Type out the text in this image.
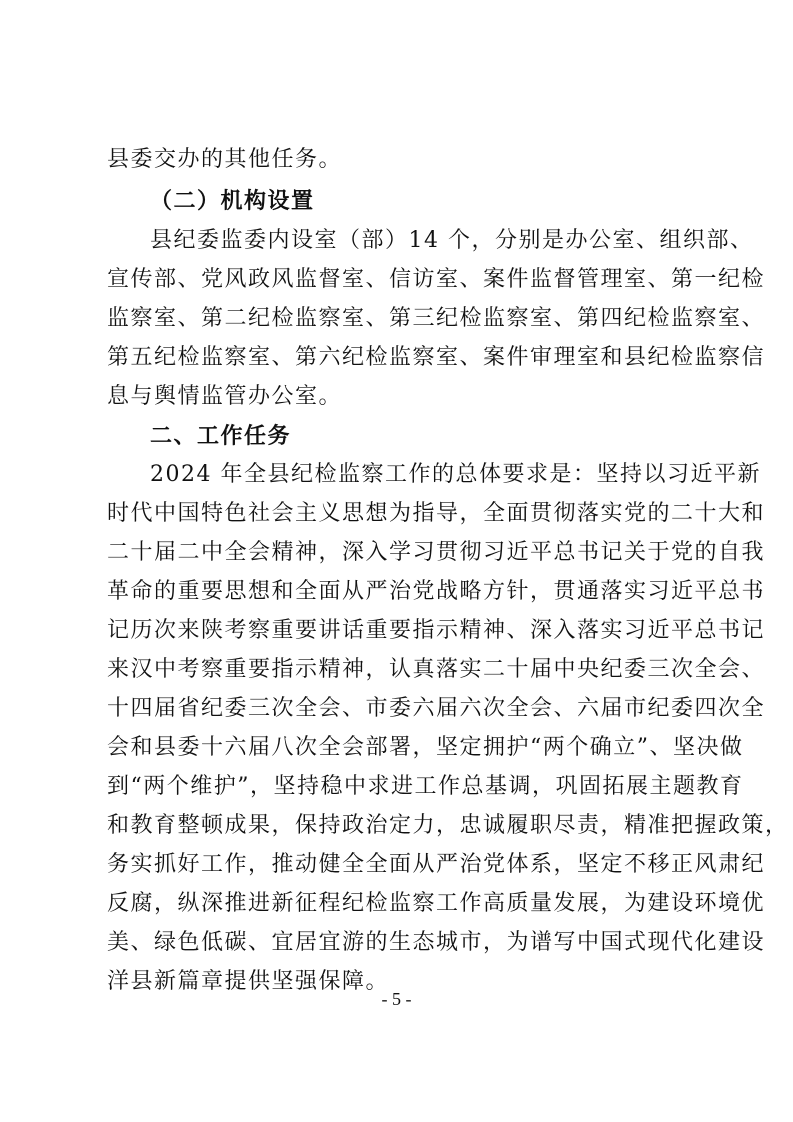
县委交办的其他任务。
（二）机构设置
县纪委监委内设室（部）14 个，分别是办公室、组织部、
宣传部、党风政风监督室、信访室、案件监督管理室、第一纪检
监察室、第二纪检监察室、第三纪检监察室、第四纪检监察室、
第五纪检监察室、第六纪检监察室、案件审理室和县纪检监察信
息与舆情监管办公室。
二、工作任务
2024 年全县纪检监察工作的总体要求是：坚持以习近平新
时代中国特色社会主义思想为指导，全面贯彻落实党的二十大和
二十届二中全会精神，深入学习贯彻习近平总书记关于党的自我
革命的重要思想和全面从严治党战略方针，贯通落实习近平总书
记历次来陕考察重要讲话重要指示精神、深入落实习近平总书记
来汉中考察重要指示精神，认真落实二十届中央纪委三次全会、
十四届省纪委三次全会、市委六届六次全会、六届市纪委四次全
会和县委十六届八次全会部署，坚定拥护“两个确立”、坚决做
到“两个维护”，坚持稳中求进工作总基调，巩固拓展主题教育
和教育整顿成果，保持政治定力，忠诚履职尽责，精准把握政策，
务实抓好工作，推动健全全面从严治党体系，坚定不移正风肃纪
反腐，纵深推进新征程纪检监察工作高质量发展，为建设环境优
美、绿色低碳、宜居宜游的生态城市，为谱写中国式现代化建设
洋县新篇章提供坚强保障。
- 5 -
